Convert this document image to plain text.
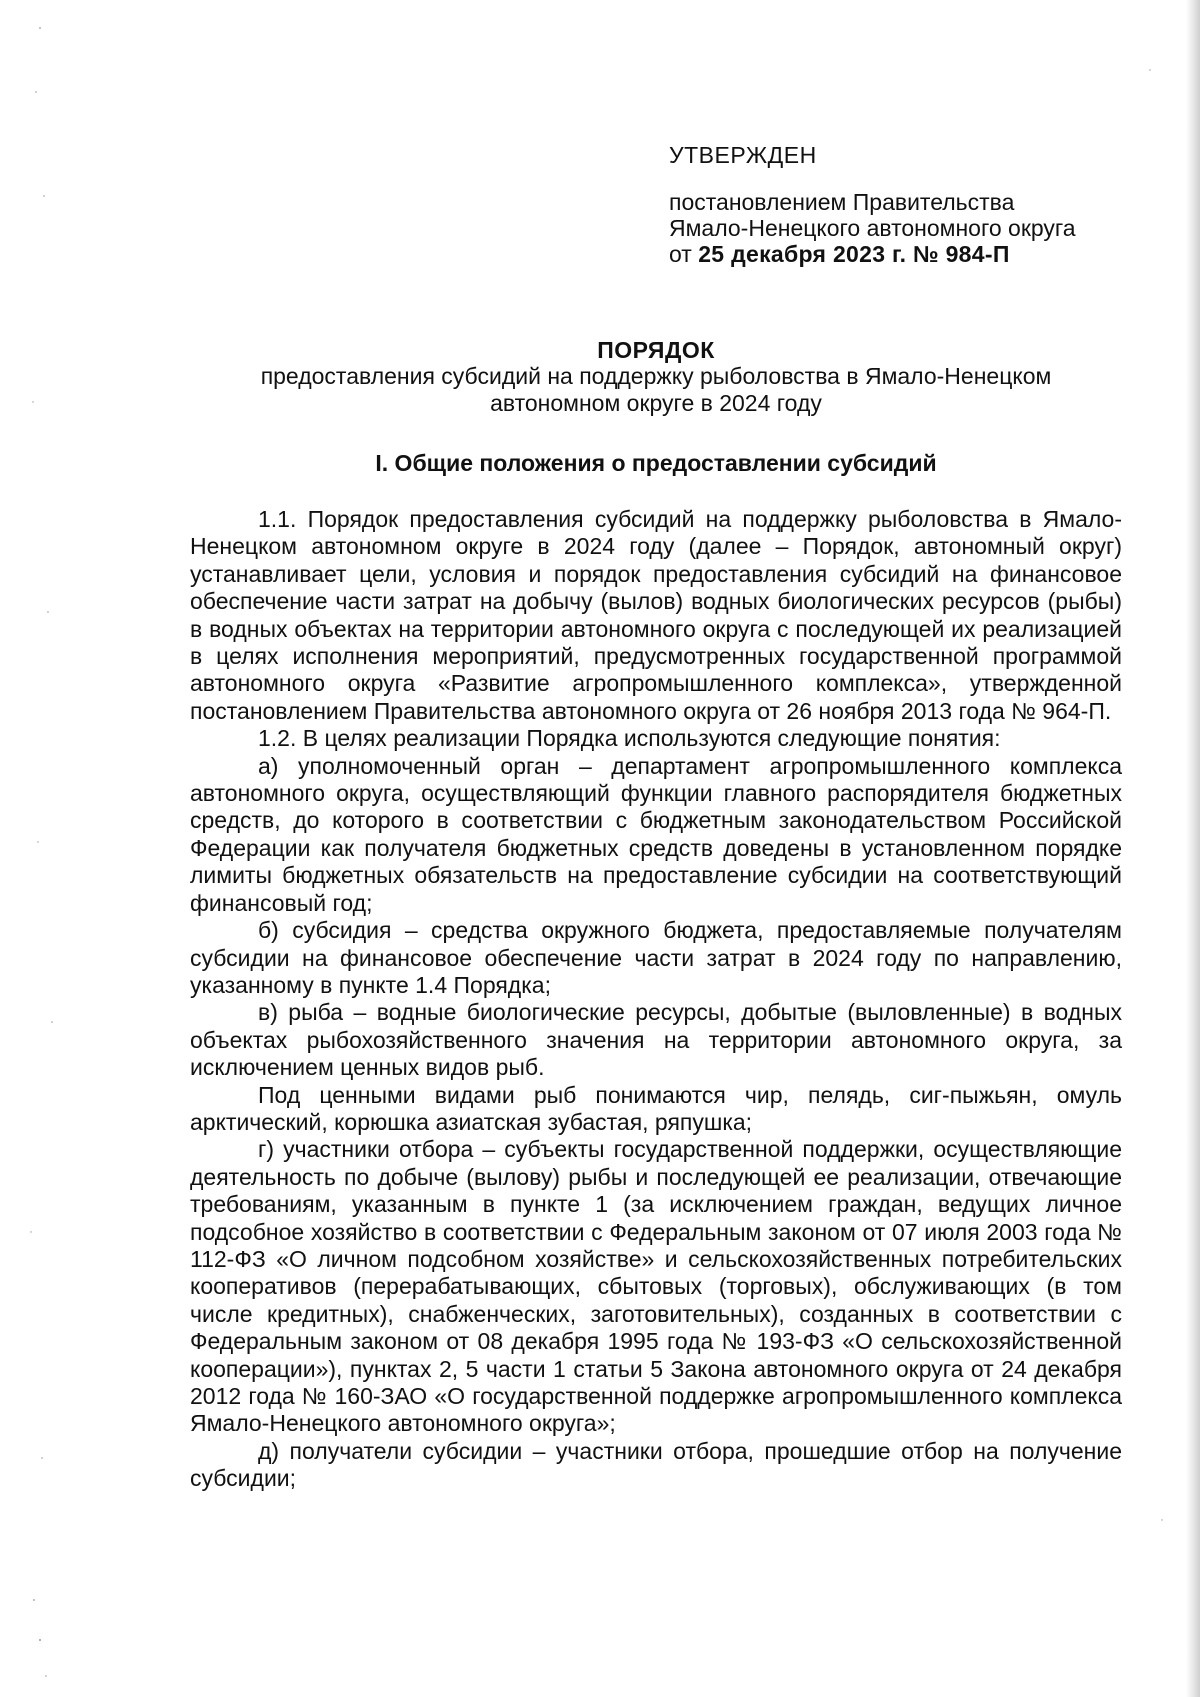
УТВЕРЖДЕН

постановлением Правительства

Ямало-Ненецкого автономного округа

от 25 декабря 2023 г. № 984-П

ПОРЯДОК

предоставления субсидий на поддержку рыболовства в Ямало-Ненецком

автономном округе в 2024 году

I. Общие положения о предоставлении субсидий

1.1. Порядок предоставления субсидий на поддержку рыболовства в Ямало-Ненецком автономном округе в 2024 году (далее – Порядок, автономный округ) устанавливает цели, условия и порядок предоставления субсидий на финансовое обеспечение части затрат на добычу (вылов) водных биологических ресурсов (рыбы) в водных объектах на территории автономного округа с последующей их реализацией в целях исполнения мероприятий, предусмотренных государственной программой автономного округа «Развитие агропромышленного комплекса», утвержденной постановлением Правительства автономного округа от 26 ноября 2013 года № 964-П.

1.2. В целях реализации Порядка используются следующие понятия:

а) уполномоченный орган – департамент агропромышленного комплекса автономного округа, осуществляющий функции главного распорядителя бюджетных средств, до которого в соответствии с бюджетным законодательством Российской Федерации как получателя бюджетных средств доведены в установленном порядке лимиты бюджетных обязательств на предоставление субсидии на соответствующий финансовый год;

б) субсидия – средства окружного бюджета, предоставляемые получателям субсидии на финансовое обеспечение части затрат в 2024 году по направлению, указанному в пункте 1.4 Порядка;

в) рыба – водные биологические ресурсы, добытые (выловленные) в водных объектах рыбохозяйственного значения на территории автономного округа, за исключением ценных видов рыб.

Под ценными видами рыб понимаются чир, пелядь, сиг-пыжьян, омуль арктический, корюшка азиатская зубастая, ряпушка;

г) участники отбора – субъекты государственной поддержки, осуществляющие деятельность по добыче (вылову) рыбы и последующей ее реализации, отвечающие требованиям, указанным в пункте 1 (за исключением граждан, ведущих личное подсобное хозяйство в соответствии с Федеральным законом от 07 июля 2003 года № 112-ФЗ «О личном подсобном хозяйстве» и сельскохозяйственных потребительских кооперативов (перерабатывающих, сбытовых (торговых), обслуживающих (в том числе кредитных), снабженческих, заготовительных), созданных в соответствии с Федеральным законом от 08 декабря 1995 года № 193-ФЗ «О сельскохозяйственной кооперации»), пунктах 2, 5 части 1 статьи 5 Закона автономного округа от 24 декабря 2012 года № 160-ЗАО «О государственной поддержке агропромышленного комплекса Ямало-Ненецкого автономного округа»;

д) получатели субсидии – участники отбора, прошедшие отбор на получение субсидии;
